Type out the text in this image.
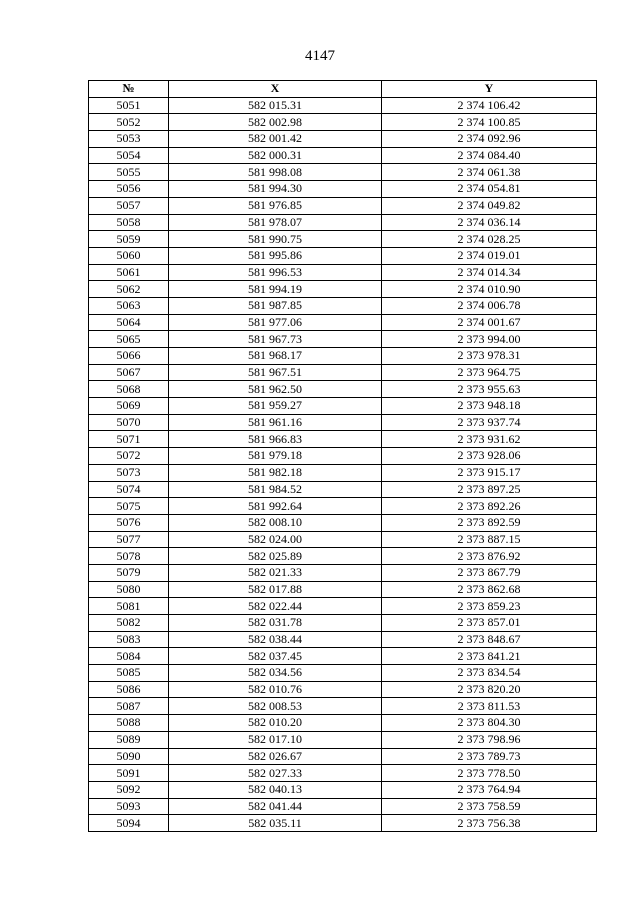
4147
№	X	Y
5051	582 015.31	2 374 106.42
5052	582 002.98	2 374 100.85
5053	582 001.42	2 374 092.96
5054	582 000.31	2 374 084.40
5055	581 998.08	2 374 061.38
5056	581 994.30	2 374 054.81
5057	581 976.85	2 374 049.82
5058	581 978.07	2 374 036.14
5059	581 990.75	2 374 028.25
5060	581 995.86	2 374 019.01
5061	581 996.53	2 374 014.34
5062	581 994.19	2 374 010.90
5063	581 987.85	2 374 006.78
5064	581 977.06	2 374 001.67
5065	581 967.73	2 373 994.00
5066	581 968.17	2 373 978.31
5067	581 967.51	2 373 964.75
5068	581 962.50	2 373 955.63
5069	581 959.27	2 373 948.18
5070	581 961.16	2 373 937.74
5071	581 966.83	2 373 931.62
5072	581 979.18	2 373 928.06
5073	581 982.18	2 373 915.17
5074	581 984.52	2 373 897.25
5075	581 992.64	2 373 892.26
5076	582 008.10	2 373 892.59
5077	582 024.00	2 373 887.15
5078	582 025.89	2 373 876.92
5079	582 021.33	2 373 867.79
5080	582 017.88	2 373 862.68
5081	582 022.44	2 373 859.23
5082	582 031.78	2 373 857.01
5083	582 038.44	2 373 848.67
5084	582 037.45	2 373 841.21
5085	582 034.56	2 373 834.54
5086	582 010.76	2 373 820.20
5087	582 008.53	2 373 811.53
5088	582 010.20	2 373 804.30
5089	582 017.10	2 373 798.96
5090	582 026.67	2 373 789.73
5091	582 027.33	2 373 778.50
5092	582 040.13	2 373 764.94
5093	582 041.44	2 373 758.59
5094	582 035.11	2 373 756.38
